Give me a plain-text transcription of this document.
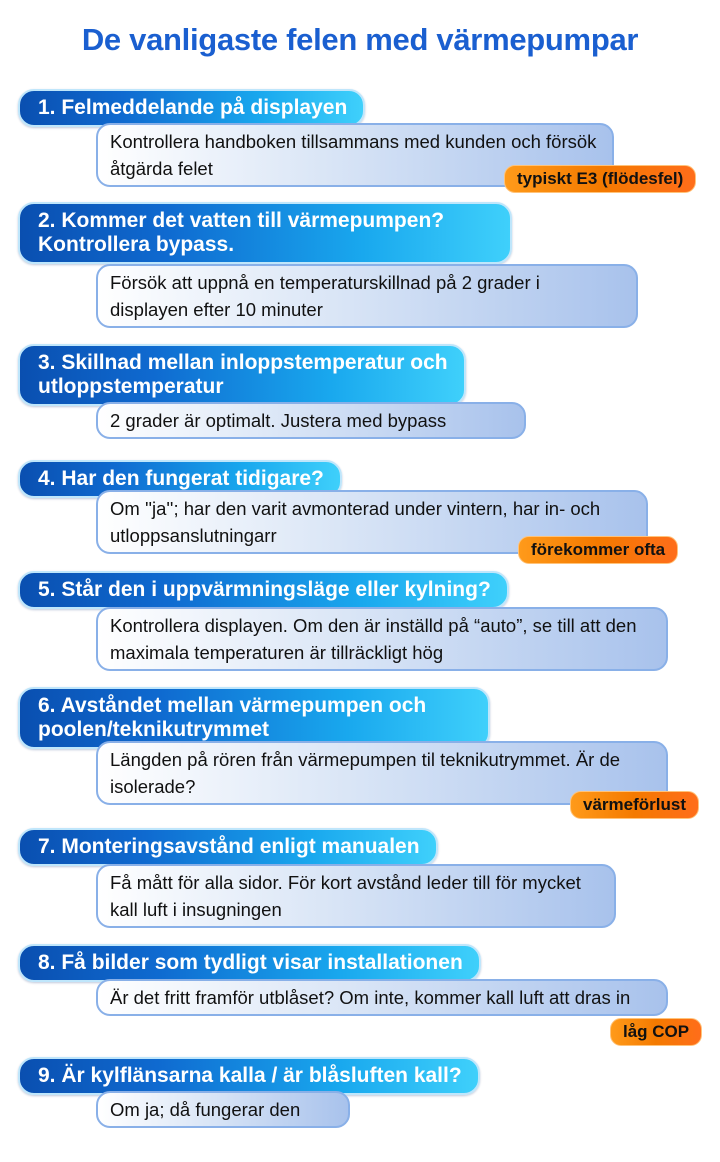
De vanligaste felen med värmepumpar
1. Felmeddelande på displayen
Kontrollera handboken tillsammans med kunden och försök åtgärda felet	typiskt E3 (flödesfel)
2. Kommer det vatten till värmepumpen? Kontrollera bypass.
Försök att uppnå en temperaturskillnad på 2 grader i displayen efter 10 minuter
3. Skillnad mellan inloppstemperatur och utloppstemperatur
2 grader är optimalt. Justera med bypass
4. Har den fungerat tidigare?
Om ''ja''; har den varit avmonterad under vintern, har in- och utloppsanslutningarr
förekommer ofta
5. Står den i uppvärmningsläge eller kylning?
Kontrollera displayen. Om den är inställd på “auto”, se till att den maximala temperaturen är tillräckligt hög
6. Avståndet mellan värmepumpen och poolen/teknikutrymmet
Längden på rören från värmepumpen til teknikutrymmet. Är de isolerade?
värmeförlust
7. Monteringsavstånd enligt manualen
Få mått för alla sidor. För kort avstånd leder till för mycket kall luft i insugningen
8. Få bilder som tydligt visar installationen
Är det fritt framför utblåset? Om inte, kommer kall luft att dras in
låg COP
9. Är kylflänsarna kalla / är blåsluften kall?
Om ja; då fungerar den
